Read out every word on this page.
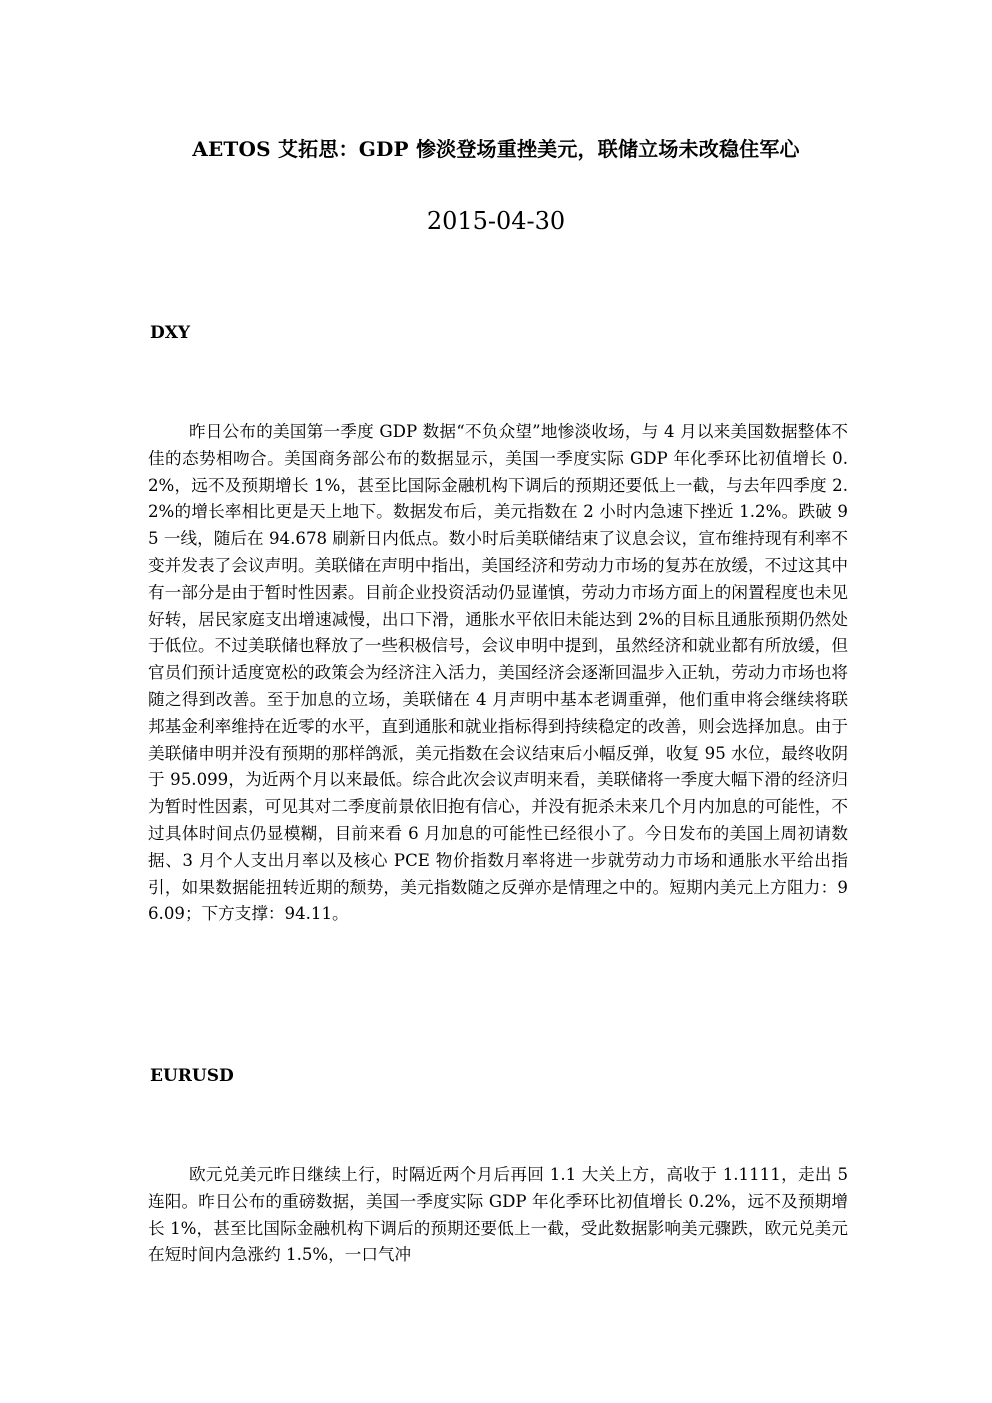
AETOS 艾拓思：GDP 惨淡登场重挫美元，联储立场未改稳住军心
2015-04-30
DXY
昨日公布的美国第一季度 GDP 数据“不负众望”地惨淡收场，与 4 月以来美国数据整体不佳的态势相吻合。美国商务部公布的数据显示，美国一季度实际 GDP 年化季环比初值增长 0.2%，远不及预期增长 1%，甚至比国际金融机构下调后的预期还要低上一截，与去年四季度 2.2%的增长率相比更是天上地下。数据发布后，美元指数在 2 小时内急速下挫近 1.2%。跌破 95 一线，随后在 94.678 刷新日内低点。数小时后美联储结束了议息会议，宣布维持现有利率不变并发表了会议声明。美联储在声明中指出，美国经济和劳动力市场的复苏在放缓，不过这其中有一部分是由于暂时性因素。目前企业投资活动仍显谨慎，劳动力市场方面上的闲置程度也未见好转，居民家庭支出增速减慢，出口下滑，通胀水平依旧未能达到 2%的目标且通胀预期仍然处于低位。不过美联储也释放了一些积极信号，会议申明中提到，虽然经济和就业都有所放缓，但官员们预计适度宽松的政策会为经济注入活力，美国经济会逐渐回温步入正轨，劳动力市场也将随之得到改善。至于加息的立场，美联储在 4 月声明中基本老调重弹，他们重申将会继续将联邦基金利率维持在近零的水平，直到通胀和就业指标得到持续稳定的改善，则会选择加息。由于美联储申明并没有预期的那样鸽派，美元指数在会议结束后小幅反弹，收复 95 水位，最终收阴于 95.099，为近两个月以来最低。综合此次会议声明来看，美联储将一季度大幅下滑的经济归为暂时性因素，可见其对二季度前景依旧抱有信心，并没有扼杀未来几个月内加息的可能性，不过具体时间点仍显模糊，目前来看 6 月加息的可能性已经很小了。今日发布的美国上周初请数据、3 月个人支出月率以及核心 PCE 物价指数月率将进一步就劳动力市场和通胀水平给出指引，如果数据能扭转近期的颓势，美元指数随之反弹亦是情理之中的。短期内美元上方阻力：96.09；下方支撑：94.11。
EURUSD
欧元兑美元昨日继续上行，时隔近两个月后再回 1.1 大关上方，高收于 1.1111，走出 5 连阳。昨日公布的重磅数据，美国一季度实际 GDP 年化季环比初值增长 0.2%，远不及预期增长 1%，甚至比国际金融机构下调后的预期还要低上一截，受此数据影响美元骤跌，欧元兑美元在短时间内急涨约 1.5%，一口气冲
